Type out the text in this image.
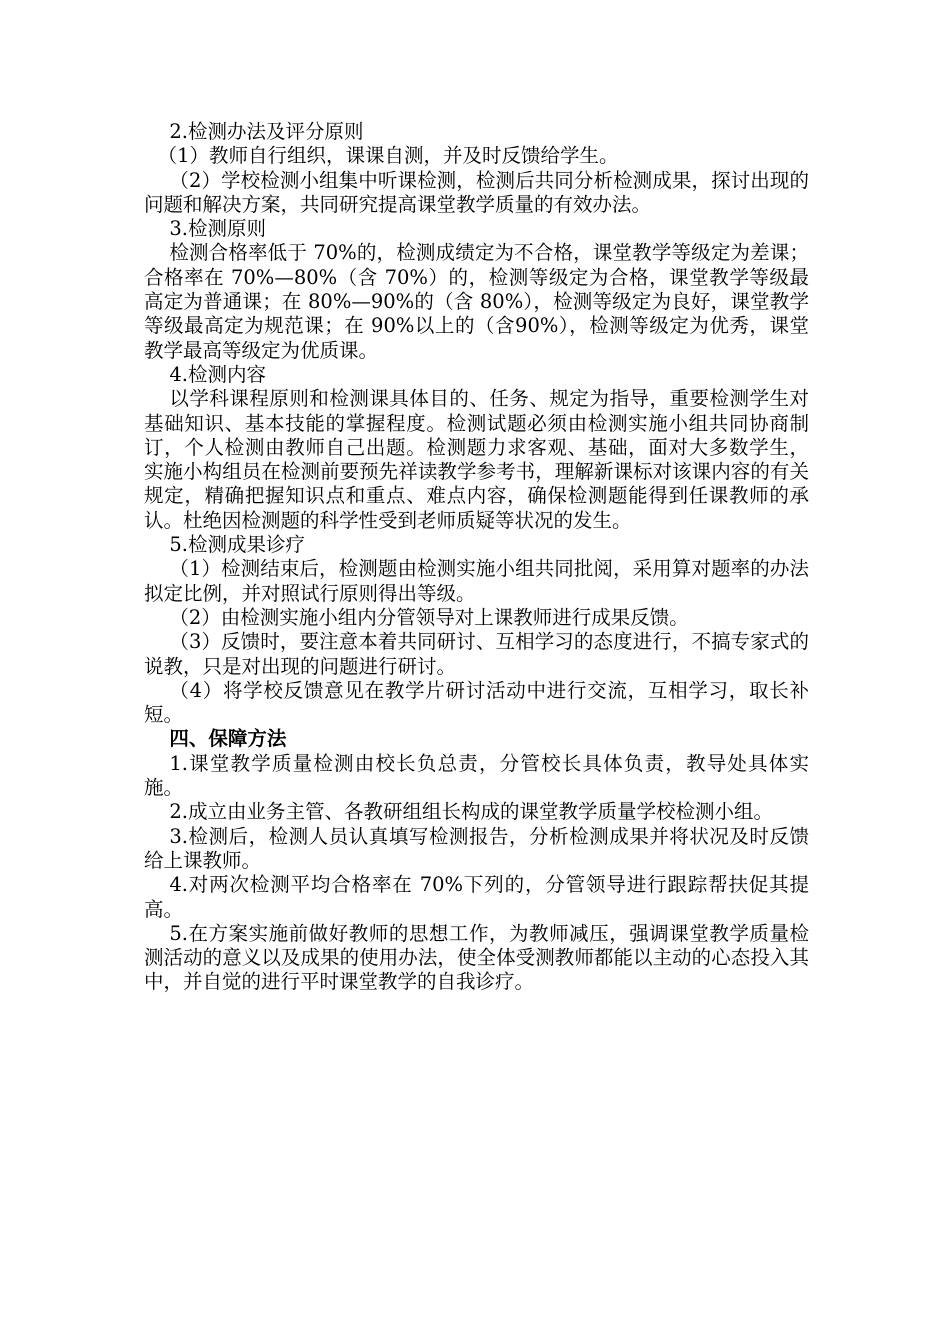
2.检测办法及评分原则

（1）教师自行组织，课课自测，并及时反馈给学生。

（2）学校检测小组集中听课检测，检测后共同分析检测成果，探讨出现的问题和解决方案，共同研究提高课堂教学质量的有效办法。

3.检测原则

检测合格率低于 70%的，检测成绩定为不合格，课堂教学等级定为差课；合格率在 70%—80%（含 70%）的，检测等级定为合格，课堂教学等级最高定为普通课；在 80%—90%的（含 80%），检测等级定为良好，课堂教学等级最高定为规范课；在 90%以上的（含90%），检测等级定为优秀，课堂教学最高等级定为优质课。

4.检测内容

以学科课程原则和检测课具体目的、任务、规定为指导，重要检测学生对基础知识、基本技能的掌握程度。检测试题必须由检测实施小组共同协商制订，个人检测由教师自己出题。检测题力求客观、基础，面对大多数学生， 实施小构组员在检测前要预先祥读教学参考书，理解新课标对该课内容的有关规定，精确把握知识点和重点、难点内容，确保检测题能得到任课教师的承认。杜绝因检测题的科学性受到老师质疑等状况的发生。

5.检测成果诊疗

（1）检测结束后，检测题由检测实施小组共同批阅，采用算对题率的办法拟定比例，并对照试行原则得出等级。

（2）由检测实施小组内分管领导对上课教师进行成果反馈。

（3）反馈时，要注意本着共同研讨、互相学习的态度进行，不搞专家式的说教，只是对出现的问题进行研讨。

（4）将学校反馈意见在教学片研讨活动中进行交流，互相学习，取长补短。

四、保障方法

1.课堂教学质量检测由校长负总责，分管校长具体负责，教导处具体实施。

2.成立由业务主管、各教研组组长构成的课堂教学质量学校检测小组。

3.检测后，检测人员认真填写检测报告，分析检测成果并将状况及时反馈给上课教师。

4.对两次检测平均合格率在 70%下列的，分管领导进行跟踪帮扶促其提高。

5.在方案实施前做好教师的思想工作，为教师减压，强调课堂教学质量检测活动的意义以及成果的使用办法，使全体受测教师都能以主动的心态投入其中，并自觉的进行平时课堂教学的自我诊疗。
